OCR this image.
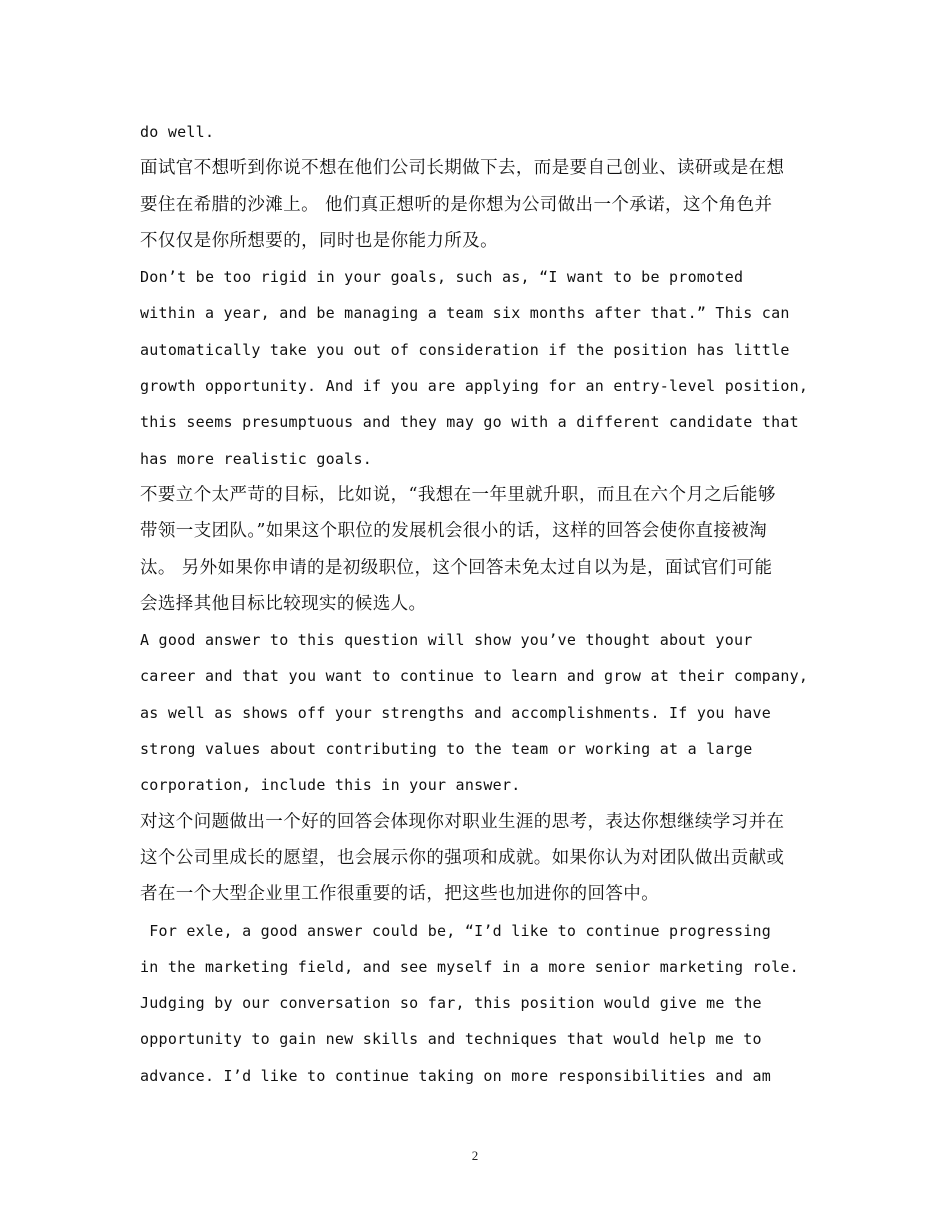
do well.
面试官不想听到你说不想在他们公司长期做下去，而是要自己创业、读研或是在想
要住在希腊的沙滩上。 他们真正想听的是你想为公司做出一个承诺，这个角色并
不仅仅是你所想要的，同时也是你能力所及。
Don’t be too rigid in your goals, such as, “I want to be promoted
within a year, and be managing a team six months after that.” This can
automatically take you out of consideration if the position has little
growth opportunity. And if you are applying for an entry-level position,
this seems presumptuous and they may go with a different candidate that
has more realistic goals.
不要立个太严苛的目标，比如说，“我想在一年里就升职，而且在六个月之后能够
带领一支团队。”如果这个职位的发展机会很小的话，这样的回答会使你直接被淘
汰。 另外如果你申请的是初级职位，这个回答未免太过自以为是，面试官们可能
会选择其他目标比较现实的候选人。
A good answer to this question will show you’ve thought about your
career and that you want to continue to learn and grow at their company,
as well as shows off your strengths and accomplishments. If you have
strong values about contributing to the team or working at a large
corporation, include this in your answer.
对这个问题做出一个好的回答会体现你对职业生涯的思考，表达你想继续学习并在
这个公司里成长的愿望，也会展示你的强项和成就。如果你认为对团队做出贡献或
者在一个大型企业里工作很重要的话，把这些也加进你的回答中。
For exle, a good answer could be, “I’d like to continue progressing
in the marketing field, and see myself in a more senior marketing role.
Judging by our conversation so far, this position would give me the
opportunity to gain new skills and techniques that would help me to
advance. I’d like to continue taking on more responsibilities and am
2
